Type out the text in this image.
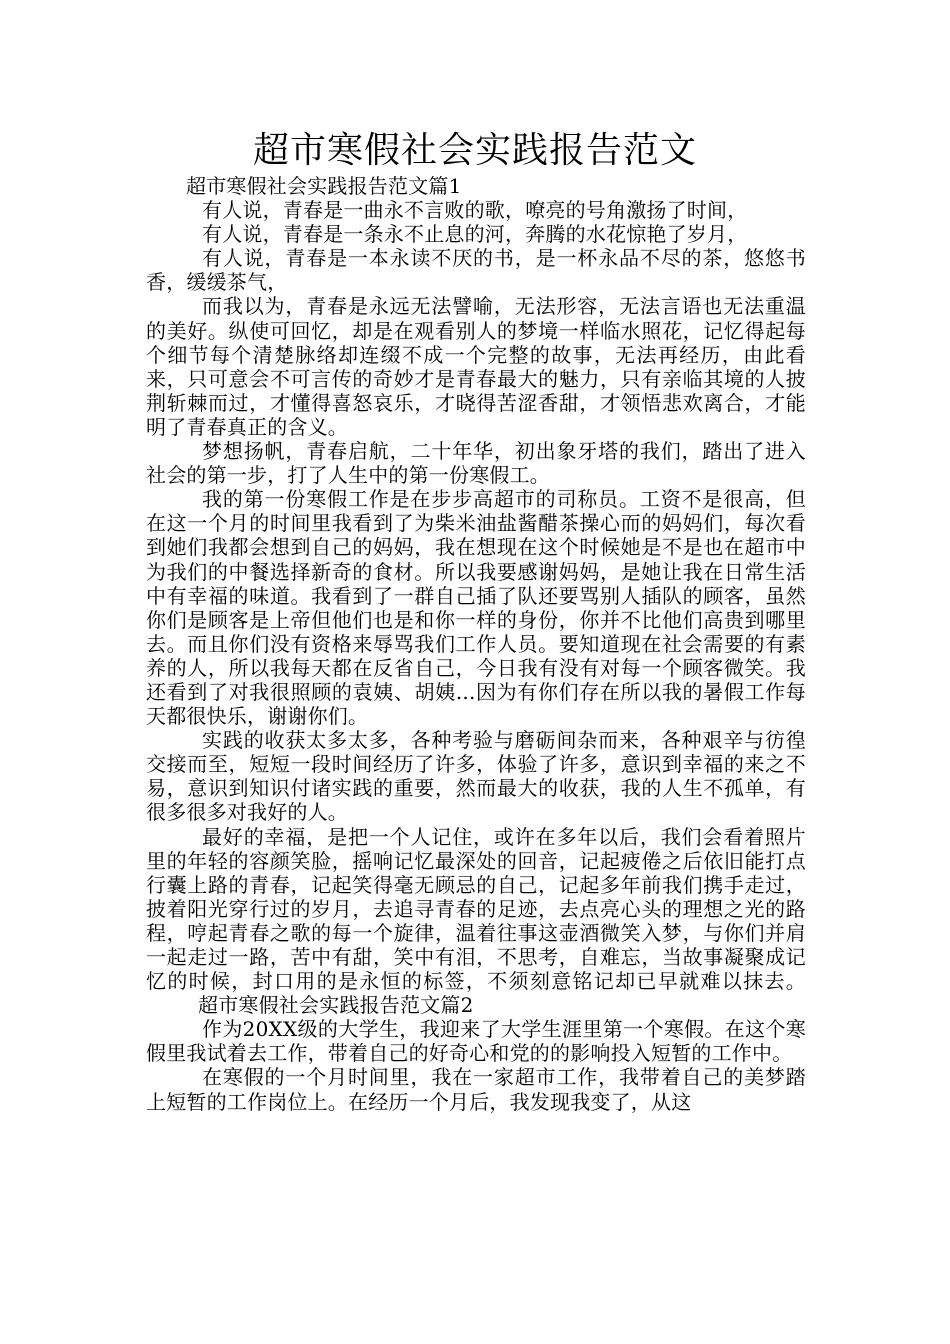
超市寒假社会实践报告范文

超市寒假社会实践报告范文篇1

有人说，青春是一曲永不言败的歌，嘹亮的号角激扬了时间，

有人说，青春是一条永不止息的河，奔腾的水花惊艳了岁月，

有人说，青春是一本永读不厌的书，是一杯永品不尽的茶，悠悠书香，缓缓茶气，

而我以为，青春是永远无法譬喻，无法形容，无法言语也无法重温的美好。纵使可回忆，却是在观看别人的梦境一样临水照花，记忆得起每个细节每个清楚脉络却连缀不成一个完整的故事，无法再经历，由此看来，只可意会不可言传的奇妙才是青春最大的魅力，只有亲临其境的人披荆斩棘而过，才懂得喜怒哀乐，才晓得苦涩香甜，才领悟悲欢离合，才能明了青春真正的含义。

梦想扬帆，青春启航，二十年华，初出象牙塔的我们，踏出了进入社会的第一步，打了人生中的第一份寒假工。

我的第一份寒假工作是在步步高超市的司称员。工资不是很高，但在这一个月的时间里我看到了为柴米油盐酱醋茶操心而的妈妈们，每次看到她们我都会想到自己的妈妈，我在想现在这个时候她是不是也在超市中为我们的中餐选择新奇的食材。所以我要感谢妈妈，是她让我在日常生活中有幸福的味道。我看到了一群自己插了队还要骂别人插队的顾客，虽然你们是顾客是上帝但他们也是和你一样的身份，你并不比他们高贵到哪里去。而且你们没有资格来辱骂我们工作人员。要知道现在社会需要的有素养的人，所以我每天都在反省自己，今日我有没有对每一个顾客微笑。我还看到了对我很照顾的袁姨、胡姨...因为有你们存在所以我的暑假工作每天都很快乐，谢谢你们。

实践的收获太多太多，各种考验与磨砺间杂而来，各种艰辛与彷徨交接而至，短短一段时间经历了许多，体验了许多，意识到幸福的来之不易，意识到知识付诸实践的重要，然而最大的收获，我的人生不孤单，有很多很多对我好的人。

最好的幸福，是把一个人记住，或许在多年以后，我们会看着照片里的年轻的容颜笑脸，摇响记忆最深处的回音，记起疲倦之后依旧能打点行囊上路的青春，记起笑得毫无顾忌的自己，记起多年前我们携手走过，披着阳光穿行过的岁月，去追寻青春的足迹，去点亮心头的理想之光的路程，哼起青春之歌的每一个旋律，温着往事这壶酒微笑入梦，与你们并肩一起走过一路，苦中有甜，笑中有泪，不思考，自难忘，当故事凝聚成记忆的时候，封口用的是永恒的标签，不须刻意铭记却已早就难以抹去。超市寒假社会实践报告范文篇2

作为20XX级的大学生，我迎来了大学生涯里第一个寒假。在这个寒假里我试着去工作，带着自己的好奇心和党的的影响投入短暂的工作中。

在寒假的一个月时间里，我在一家超市工作，我带着自己的美梦踏上短暂的工作岗位上。在经历一个月后，我发现我变了，从这
